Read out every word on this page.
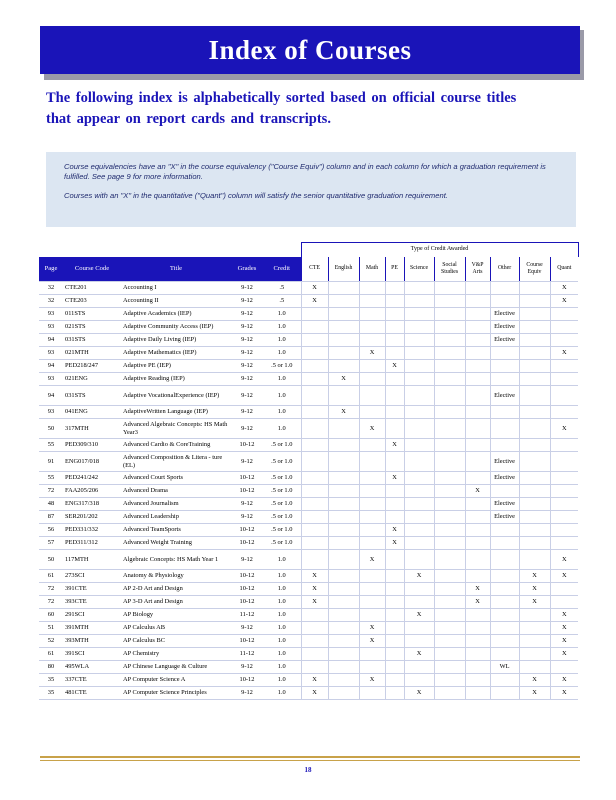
Index of Courses
The following index is alphabetically sorted based on official course titles that appear on report cards and transcripts.

Course equivalencies have an "X" in the course equivalency ("Course Equiv") column and in each column for which a graduation requirement is fulfilled. See page 9 for more information.

Courses with an "X" in the quantitative ("Quant") column will satisfy the senior quantitative graduation requirement.

					Type of Credit Awarded									
Page	Course Code	Title	Grades	Credit	CTE	English	Math	PE	Science	Social Studies	V&P Arts	Other	Course Equiv	Quant
32	CTE201	Accounting I	9-12	.5	X									X
32	CTE203	Accounting II	9-12	.5	X									X
93	011STS	Adaptive Academics (IEP)	9-12	1.0								Elective		
93	021STS	Adaptive Community Access (IEP)	9-12	1.0								Elective		
94	031STS	Adaptive Daily Living (IEP)	9-12	1.0								Elective		
93	021MTH	Adaptive Mathematics (IEP)	9-12	1.0			X							X
94	PED218/247	Adaptive PE (IEP)	9-12	.5 or 1.0				X						
93	021ENG	Adaptive Reading (IEP)	9-12	1.0		X								
94	031STS	Adaptive VocationalExperience (IEP)	9-12	1.0								Elective		
93	041ENG	AdaptiveWritten Language (IEP)	9-12	1.0		X								
50	317MTH	Advanced Algebraic Concepts: HS Math Year3	9-12	1.0			X							X
55	PED309/310	Advanced Cardio & CoreTraining	10-12	.5 or 1.0				X						
91	ENG017/018	Advanced Composition & Litera - ture (EL)	9-12	.5 or 1.0								Elective		
55	PED241/242	Advanced Court Sports	10-12	.5 or 1.0				X				Elective		
72	FAA205/206	Advanced Drama	10-12	.5 or 1.0							X			
48	ENG317/318	Advanced Journalism	9-12	.5 or 1.0								Elective		
87	SER201/202	Advanced Leadership	9-12	.5 or 1.0								Elective		
56	PED331/332	Advanced TeamSports	10-12	.5 or 1.0				X						
57	PED311/312	Advanced Weight Training	10-12	.5 or 1.0				X						
50	117MTH	Algebraic Concepts: HS Math Year 1	9-12	1.0			X							X
61	273SCI	Anatomy & Physiology	10-12	1.0	X				X				X	X
72	391CTE	AP 2-D Art and Design	10-12	1.0	X						X		X	
72	393CTE	AP 3-D Art and Design	10-12	1.0	X						X		X	
60	291SCI	AP Biology	11-12	1.0					X					X
51	391MTH	AP Calculus AB	9-12	1.0			X							X
52	393MTH	AP Calculus BC	10-12	1.0			X							X
61	391SCI	AP Chemistry	11-12	1.0					X					X
80	495WLA	AP Chinese Language & Culture	9-12	1.0								WL		
35	337CTE	AP Computer Science A	10-12	1.0	X		X						X	X
35	481CTE	AP Computer Science Principles	9-12	1.0	X				X				X	X
18
